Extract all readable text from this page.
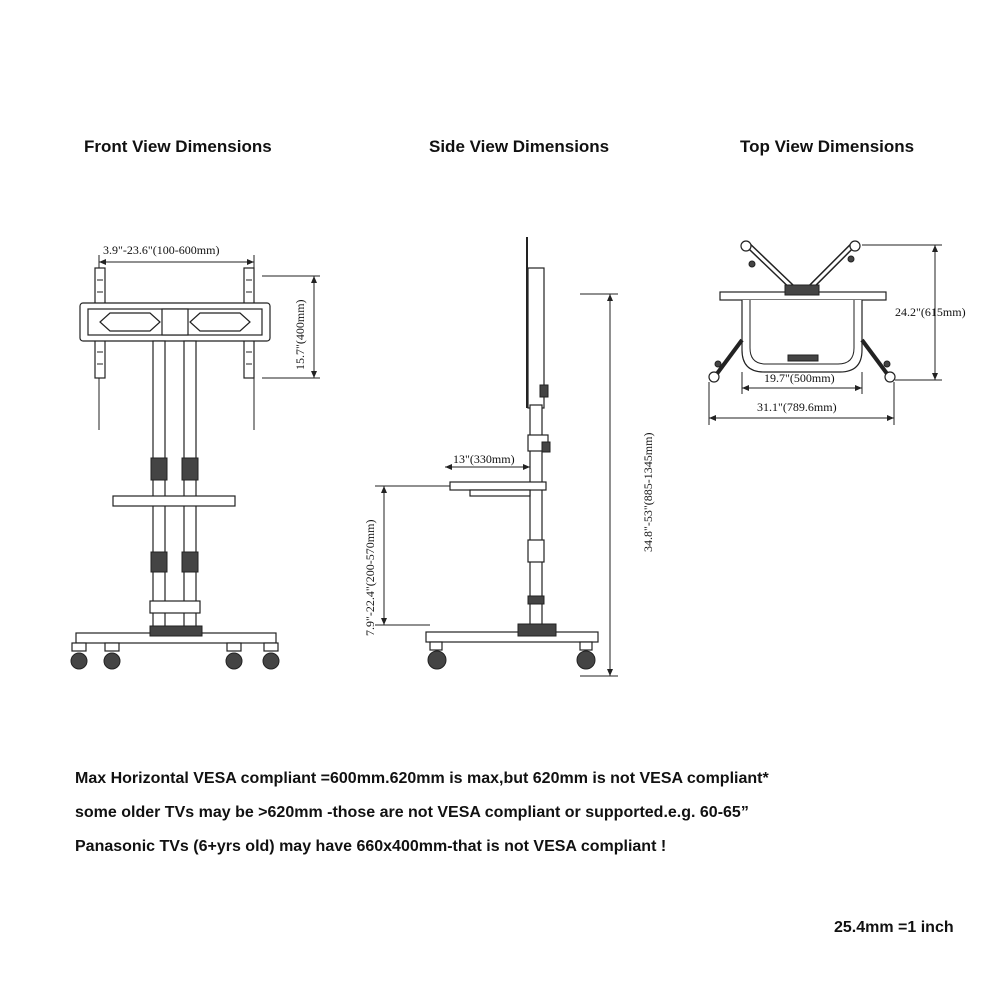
Front View Dimensions	Side View Dimensions	Top View Dimensions
3.9"-23.6"(100-600mm)
15.7"(400mm)
13"(330mm)
7.9"-22.4"(200-570mm)
34.8"-53"(885-1345mm)
24.2"(615mm)
19.7"(500mm)
31.1"(789.6mm)
Max Horizontal VESA compliant =600mm.620mm is max,but 620mm is not VESA compliant*
some older TVs may be >620mm -those are not VESA compliant or supported.e.g. 60-65”
Panasonic TVs (6+yrs old) may have 660x400mm-that is not VESA compliant !
25.4mm =1 inch
